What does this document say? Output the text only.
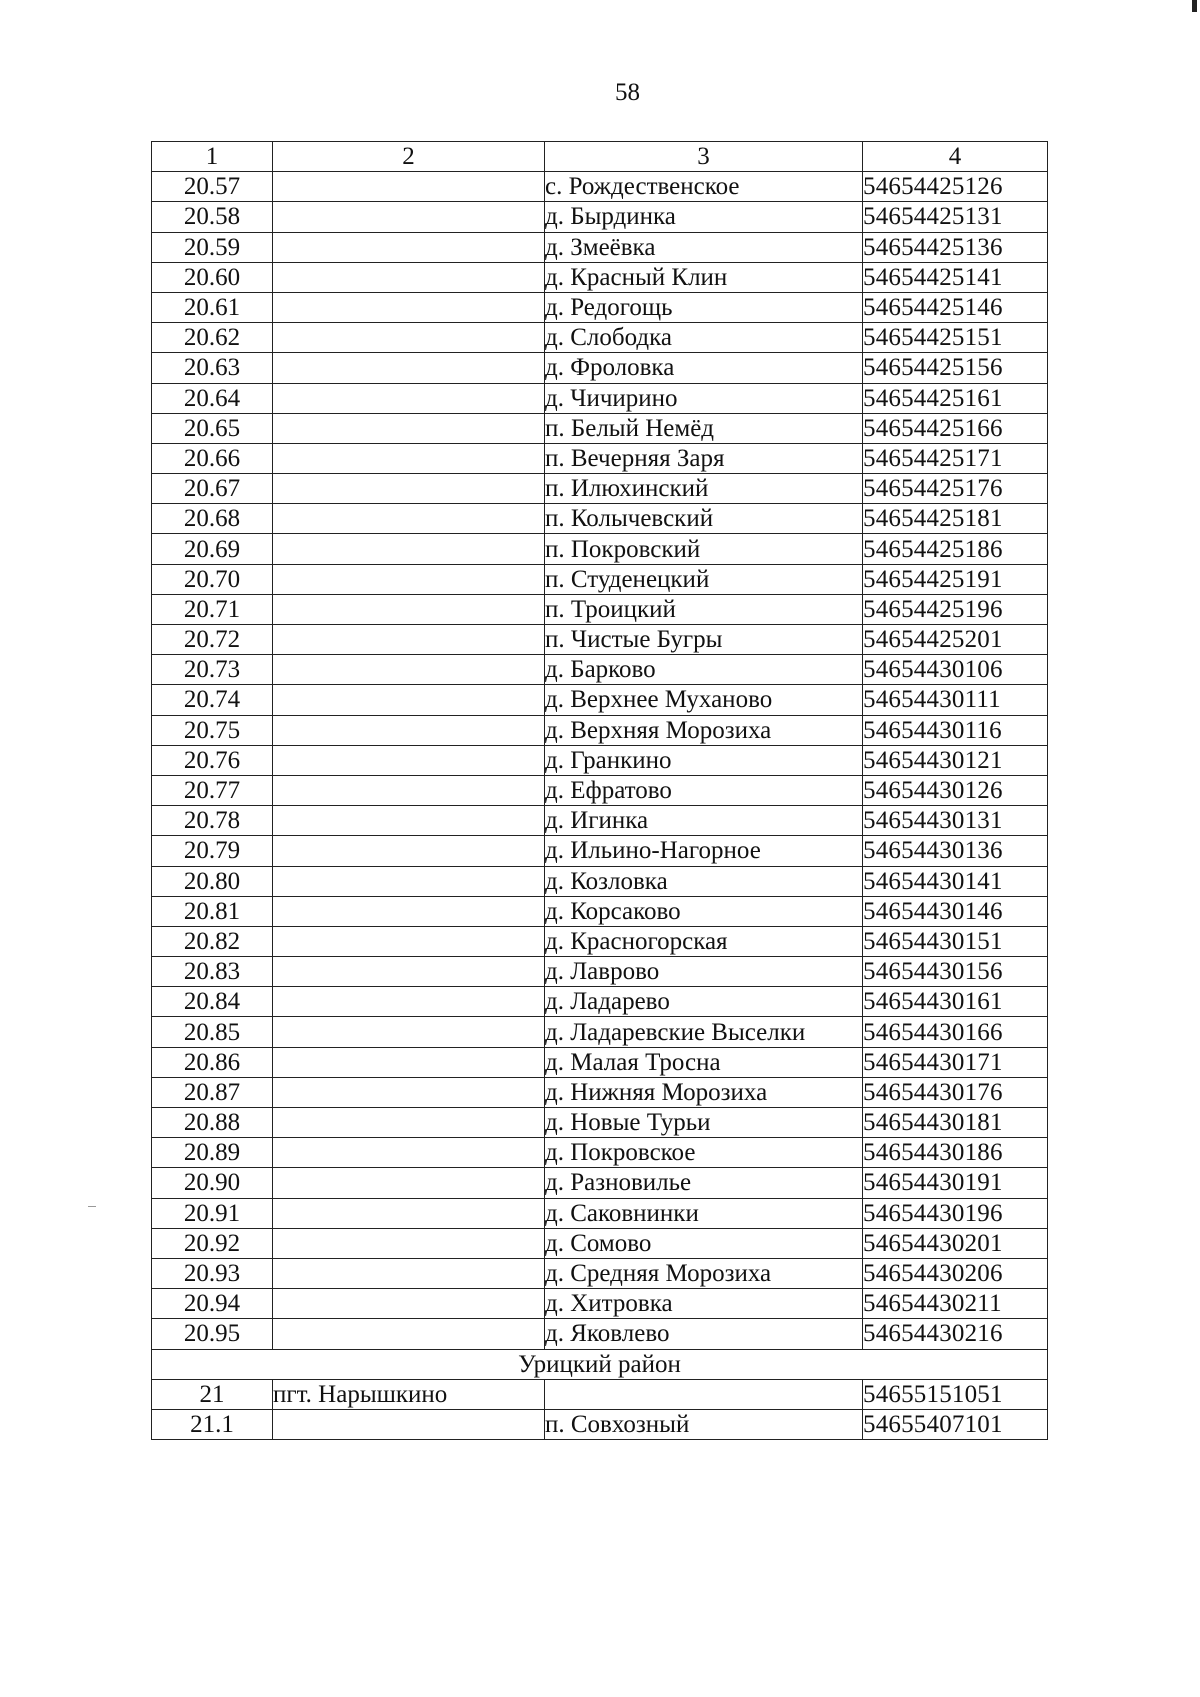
58
1	2	3	4
20.57		с. Рождественское	54654425126
20.58		д. Бырдинка	54654425131
20.59		д. Змеёвка	54654425136
20.60		д. Красный Клин	54654425141
20.61		д. Редогощь	54654425146
20.62		д. Слободка	54654425151
20.63		д. Фроловка	54654425156
20.64		д. Чичирино	54654425161
20.65		п. Белый Немёд	54654425166
20.66		п. Вечерняя Заря	54654425171
20.67		п. Илюхинский	54654425176
20.68		п. Колычевский	54654425181
20.69		п. Покровский	54654425186
20.70		п. Студенецкий	54654425191
20.71		п. Троицкий	54654425196
20.72		п. Чистые Бугры	54654425201
20.73		д. Барково	54654430106
20.74		д. Верхнее Муханово	54654430111
20.75		д. Верхняя Морозиха	54654430116
20.76		д. Гранкино	54654430121
20.77		д. Ефратово	54654430126
20.78		д. Игинка	54654430131
20.79		д. Ильино-Нагорное	54654430136
20.80		д. Козловка	54654430141
20.81		д. Корсаково	54654430146
20.82		д. Красногорская	54654430151
20.83		д. Лаврово	54654430156
20.84		д. Ладарево	54654430161
20.85		д. Ладаревские Выселки	54654430166
20.86		д. Малая Тросна	54654430171
20.87		д. Нижняя Морозиха	54654430176
20.88		д. Новые Турьи	54654430181
20.89		д. Покровское	54654430186
20.90		д. Разновилье	54654430191
20.91		д. Саковнинки	54654430196
20.92		д. Сомово	54654430201
20.93		д. Средняя Морозиха	54654430206
20.94		д. Хитровка	54654430211
20.95		д. Яковлево	54654430216
Урицкий район			
21	пгт. Нарышкино		54655151051
21.1		п. Совхозный	54655407101
